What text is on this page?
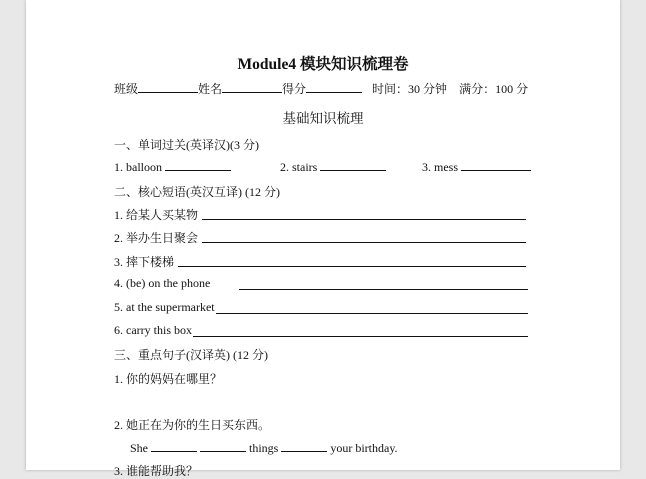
Module4 模块知识梳理卷
班级	姓名	得分	时间：30 分钟 满分：100 分
基础知识梳理
一、单词过关(英译汉)(3 分)
1. balloon	2. stairs	3. mess
二、核心短语(英汉互译) (12 分)
1. 给某人买某物
2. 举办生日聚会
3. 摔下楼梯
4. (be) on the phone
5. at the supermarket
6. carry this box
三、重点句子(汉译英) (12 分)
1. 你的妈妈在哪里？
2. 她正在为你的生日买东西。
She	things	your birthday.
3. 谁能帮助我？
